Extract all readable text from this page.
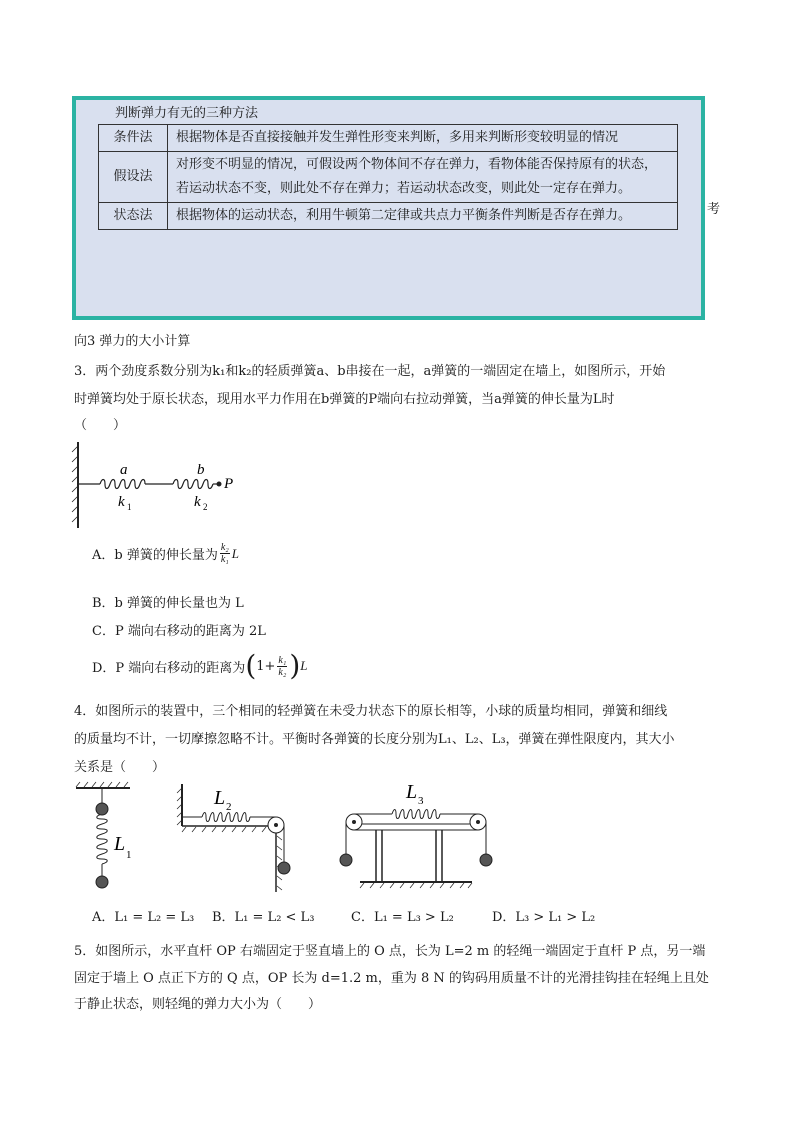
判断弹力有无的三种方法
条件法	根据物体是否直接接触并发生弹性形变来判断，多用来判断形变较明显的情况
假设法	对形变不明显的情况，可假设两个物体间不存在弹力，看物体能否保持原有的状态，若运动状态不变，则此处不存在弹力；若运动状态改变，则此处一定存在弹力。
状态法	根据物体的运动状态，利用牛顿第二定律或共点力平衡条件判断是否存在弹力。	考
向3 弹力的大小计算
3．两个劲度系数分别为k₁和k₂的轻质弹簧a、b串接在一起，a弹簧的一端固定在墙上，如图所示，开始
时弹簧均处于原长状态，现用水平力作用在b弹簧的P端向右拉动弹簧，当a弹簧的伸长量为L时
（　　）
a	b
P
k 1	k 2
A．b 弹簧的伸长量为 $\frac{\text{k₂}}{\text{k₁}}$ L
B．b 弹簧的伸长量也为 L
C．P 端向右移动的距离为 2L
D．P 端向右移动的距离为 ( $1+ \frac{\text{k₁}}{\text{k₂}}$ ) L
4．如图所示的装置中，三个相同的轻弹簧在未受力状态下的原长相等，小球的质量均相同，弹簧和细线
的质量均不计，一切摩擦忽略不计。平衡时各弹簧的长度分别为L₁、L₂、L₃，弹簧在弹性限度内，其大小
关系是（　　）
L 1
L 2
L 3
A．L₁ = L₂ = L₃ B．L₁ = L₂ < L₃	C．L₁ = L₃ > L₂	D．L₃ > L₁ > L₂
5．如图所示，水平直杆 OP 右端固定于竖直墙上的 O 点，长为 L=2 m 的轻绳一端固定于直杆 P 点，另一端
固定于墙上 O 点正下方的 Q 点，OP 长为 d=1.2 m，重为 8 N 的钩码用质量不计的光滑挂钩挂在轻绳上且处
于静止状态，则轻绳的弹力大小为（　　）
